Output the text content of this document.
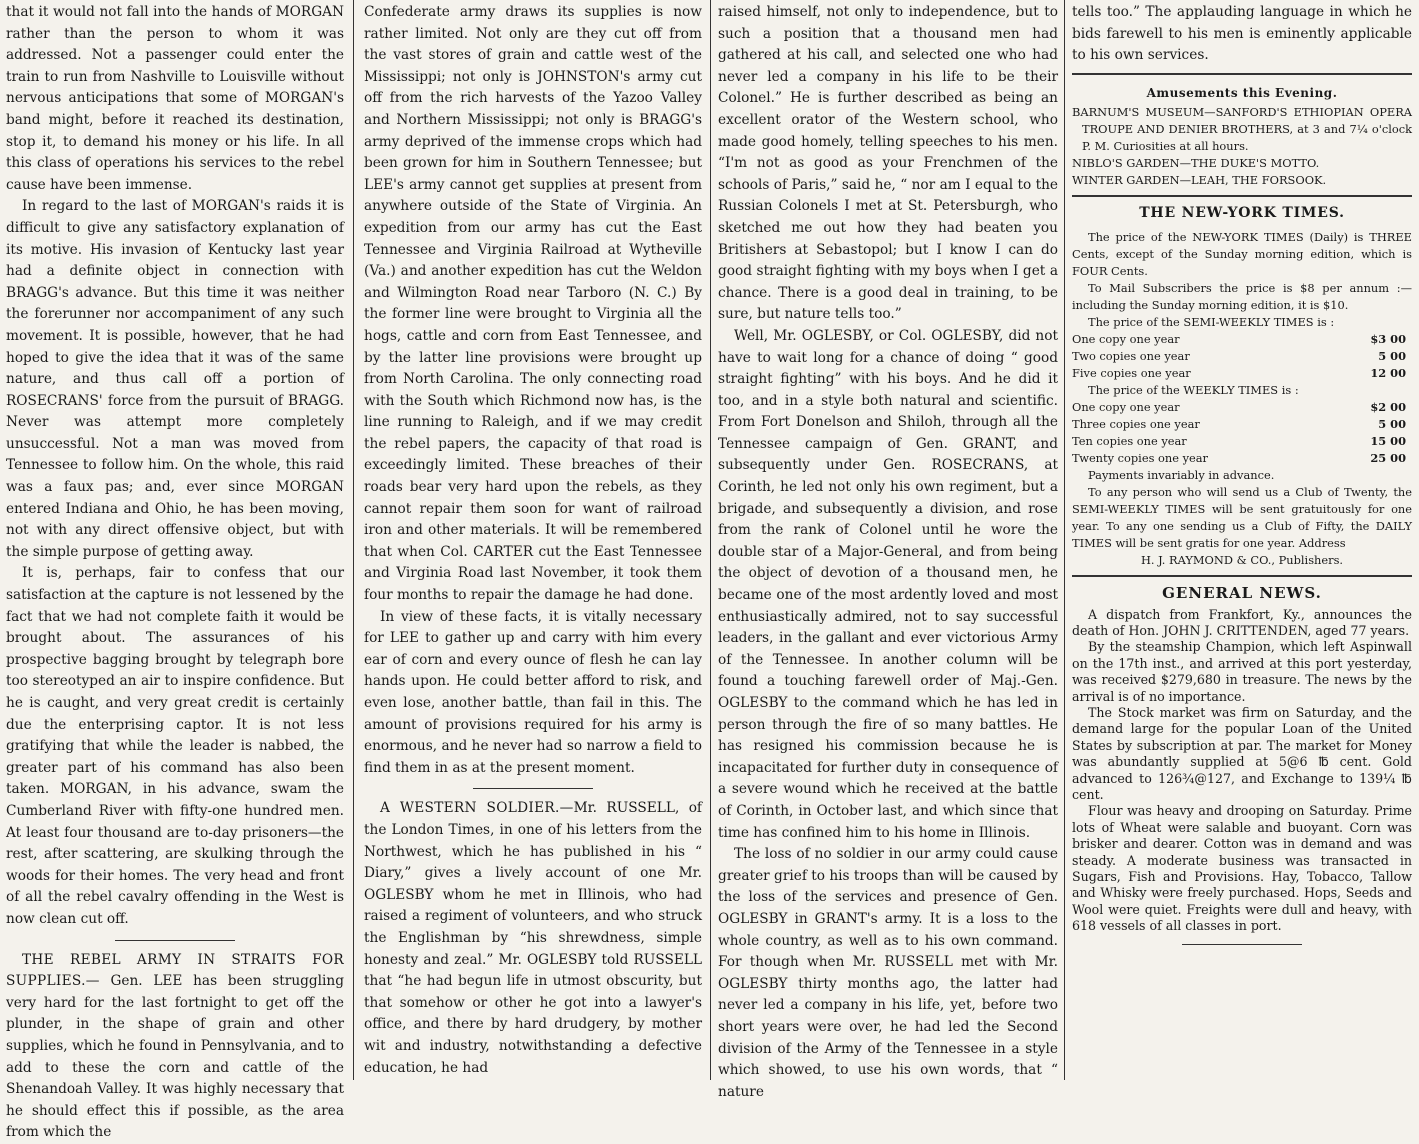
that it would not fall into the hands of MORGAN rather than the person to whom it was addressed. Not a passenger could enter the train to run from Nashville to Louisville without nervous anticipations that some of MORGAN's band might, before it reached its destination, stop it, to demand his money or his life. In all this class of operations his services to the rebel cause have been immense.

In regard to the last of MORGAN's raids it is difficult to give any satisfactory explanation of its motive. His invasion of Kentucky last year had a definite object in connection with BRAGG's advance. But this time it was neither the forerunner nor accompaniment of any such movement. It is possible, however, that he had hoped to give the idea that it was of the same nature, and thus call off a portion of ROSECRANS' force from the pursuit of BRAGG. Never was attempt more completely unsuccessful. Not a man was moved from Tennessee to follow him. On the whole, this raid was a faux pas; and, ever since MORGAN entered Indiana and Ohio, he has been moving, not with any direct offensive object, but with the simple purpose of getting away.

It is, perhaps, fair to confess that our satisfaction at the capture is not lessened by the fact that we had not complete faith it would be brought about. The assurances of his prospective bagging brought by telegraph bore too stereotyped an air to inspire confidence. But he is caught, and very great credit is certainly due the enterprising captor. It is not less gratifying that while the leader is nabbed, the greater part of his command has also been taken. MORGAN, in his advance, swam the Cumberland River with fifty-one hundred men. At least four thousand are to-day prisoners—the rest, after scattering, are skulking through the woods for their homes. The very head and front of all the rebel cavalry offending in the West is now clean cut off.

THE REBEL ARMY IN STRAITS FOR SUPPLIES.— Gen. LEE has been struggling very hard for the last fortnight to get off the plunder, in the shape of grain and other supplies, which he found in Pennsylvania, and to add to these the corn and cattle of the Shenandoah Valley. It was highly necessary that he should effect this if possible, as the area from which the

Confederate army draws its supplies is now rather limited. Not only are they cut off from the vast stores of grain and cattle west of the Mississippi; not only is JOHNSTON's army cut off from the rich harvests of the Yazoo Valley and Northern Mississippi; not only is BRAGG's army deprived of the immense crops which had been grown for him in Southern Tennessee; but LEE's army cannot get supplies at present from anywhere outside of the State of Virginia. An expedition from our army has cut the East Tennessee and Virginia Railroad at Wytheville (Va.) and another expedition has cut the Weldon and Wilmington Road near Tarboro (N. C.) By the former line were brought to Virginia all the hogs, cattle and corn from East Tennessee, and by the latter line provisions were brought up from North Carolina. The only connecting road with the South which Richmond now has, is the line running to Raleigh, and if we may credit the rebel papers, the capacity of that road is exceedingly limited. These breaches of their roads bear very hard upon the rebels, as they cannot repair them soon for want of railroad iron and other materials. It will be remembered that when Col. CARTER cut the East Tennessee and Virginia Road last November, it took them four months to repair the damage he had done.

In view of these facts, it is vitally necessary for LEE to gather up and carry with him every ear of corn and every ounce of flesh he can lay hands upon. He could better afford to risk, and even lose, another battle, than fail in this. The amount of provisions required for his army is enormous, and he never had so narrow a field to find them in as at the present moment.

A WESTERN SOLDIER.—Mr. RUSSELL, of the London Times, in one of his letters from the Northwest, which he has published in his “ Diary,” gives a lively account of one Mr. OGLESBY whom he met in Illinois, who had raised a regiment of volunteers, and who struck the Englishman by “his shrewdness, simple honesty and zeal.” Mr. OGLESBY told RUSSELL that “he had begun life in utmost obscurity, but that somehow or other he got into a lawyer's office, and there by hard drudgery, by mother wit and industry, notwithstanding a defective education, he had

raised himself, not only to independence, but to such a position that a thousand men had gathered at his call, and selected one who had never led a company in his life to be their Colonel.” He is further described as being an excellent orator of the Western school, who made good homely, telling speeches to his men. “I'm not as good as your Frenchmen of the schools of Paris,” said he, “ nor am I equal to the Russian Colonels I met at St. Petersburgh, who sketched me out how they had beaten you Britishers at Sebastopol; but I know I can do good straight fighting with my boys when I get a chance. There is a good deal in training, to be sure, but nature tells too.”

Well, Mr. OGLESBY, or Col. OGLESBY, did not have to wait long for a chance of doing “ good straight fighting” with his boys. And he did it too, and in a style both natural and scientific. From Fort Donelson and Shiloh, through all the Tennessee campaign of Gen. GRANT, and subsequently under Gen. ROSECRANS, at Corinth, he led not only his own regiment, but a brigade, and subsequently a division, and rose from the rank of Colonel until he wore the double star of a Major-General, and from being the object of devotion of a thousand men, he became one of the most ardently loved and most enthusiastically admired, not to say successful leaders, in the gallant and ever victorious Army of the Tennessee. In another column will be found a touching farewell order of Maj.-Gen. OGLESBY to the command which he has led in person through the fire of so many battles. He has resigned his commission because he is incapacitated for further duty in consequence of a severe wound which he received at the battle of Corinth, in October last, and which since that time has confined him to his home in Illinois.

The loss of no soldier in our army could cause greater grief to his troops than will be caused by the loss of the services and presence of Gen. OGLESBY in GRANT's army. It is a loss to the whole country, as well as to his own command. For though when Mr. RUSSELL met with Mr. OGLESBY thirty months ago, the latter had never led a company in his life, yet, before two short years were over, he had led the Second division of the Army of the Tennessee in a style which showed, to use his own words, that “ nature

tells too.” The applauding language in which he bids farewell to his men is eminently applicable to his own services.

Amusements this Evening.

BARNUM'S MUSEUM—SANFORD'S ETHIOPIAN OPERA TROUPE AND DENIER BROTHERS, at 3 and 7¼ o'clock P. M. Curiosities at all hours.

NIBLO'S GARDEN—THE DUKE'S MOTTO.

WINTER GARDEN—LEAH, THE FORSOOK.

THE NEW-YORK TIMES.

The price of the NEW-YORK TIMES (Daily) is THREE Cents, except of the Sunday morning edition, which is FOUR Cents.

To Mail Subscribers the price is $8 per annum :—including the Sunday morning edition, it is $10.

The price of the SEMI-WEEKLY TIMES is :

One copy one year	$3 00
Two copies one year	5 00
Five copies one year	12 00

The price of the WEEKLY TIMES is :

One copy one year	$2 00
Three copies one year	5 00
Ten copies one year	15 00
Twenty copies one year	25 00

Payments invariably in advance.

To any person who will send us a Club of Twenty, the SEMI-WEEKLY TIMES will be sent gratuitously for one year. To any one sending us a Club of Fifty, the DAILY TIMES will be sent gratis for one year. Address

H. J. RAYMOND & CO., Publishers.
GENERAL NEWS.

A dispatch from Frankfort, Ky., announces the death of Hon. JOHN J. CRITTENDEN, aged 77 years.

By the steamship Champion, which left Aspinwall on the 17th inst., and arrived at this port yesterday, was received $279,680 in treasure. The news by the arrival is of no importance.

The Stock market was firm on Saturday, and the demand large for the popular Loan of the United States by subscription at par. The market for Money was abundantly supplied at 5@6 ℔ cent. Gold advanced to 126¾@127, and Exchange to 139¼ ℔ cent.

Flour was heavy and drooping on Saturday. Prime lots of Wheat were salable and buoyant. Corn was brisker and dearer. Cotton was in demand and was steady. A moderate business was transacted in Sugars, Fish and Provisions. Hay, Tobacco, Tallow and Whisky were freely purchased. Hops, Seeds and Wool were quiet. Freights were dull and heavy, with 618 vessels of all classes in port.
